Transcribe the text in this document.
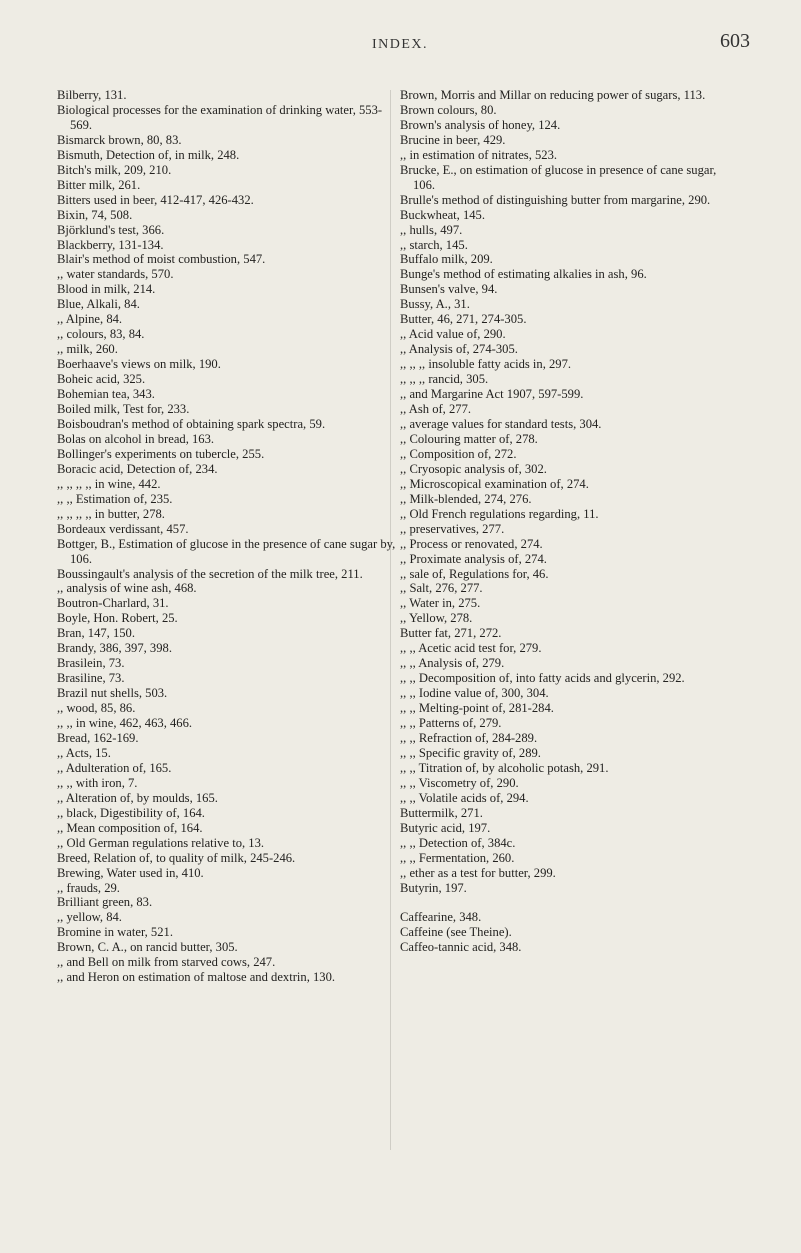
INDEX.	603
Bilberry, 131.
Biological processes for the examination of drinking water, 553-569.
Bismarck brown, 80, 83.
Bismuth, Detection of, in milk, 248.
Bitch's milk, 209, 210.
Bitter milk, 261.
Bitters used in beer, 412-417, 426-432.
Bixin, 74, 508.
Björklund's test, 366.
Blackberry, 131-134.
Blair's method of moist combustion, 547.
,, water standards, 570.
Blood in milk, 214.
Blue, Alkali, 84.
,, Alpine, 84.
,, colours, 83, 84.
,, milk, 260.
Boerhaave's views on milk, 190.
Boheic acid, 325.
Bohemian tea, 343.
Boiled milk, Test for, 233.
Boisboudran's method of obtaining spark spectra, 59.
Bolas on alcohol in bread, 163.
Bollinger's experiments on tubercle, 255.
Boracic acid, Detection of, 234.
,, ,, ,, ,, in wine, 442.
,, ,, Estimation of, 235.
,, ,, ,, ,, in butter, 278.
Bordeaux verdissant, 457.
Bottger, B., Estimation of glucose in the presence of cane sugar by, 106.
Boussingault's analysis of the secretion of the milk tree, 211.
,, analysis of wine ash, 468.
Boutron-Charlard, 31.
Boyle, Hon. Robert, 25.
Bran, 147, 150.
Brandy, 386, 397, 398.
Brasilein, 73.
Brasiline, 73.
Brazil nut shells, 503.
,, wood, 85, 86.
,, ,, in wine, 462, 463, 466.
Bread, 162-169.
,, Acts, 15.
,, Adulteration of, 165.
,, ,, with iron, 7.
,, Alteration of, by moulds, 165.
,, black, Digestibility of, 164.
,, Mean composition of, 164.
,, Old German regulations relative to, 13.
Breed, Relation of, to quality of milk, 245-246.
Brewing, Water used in, 410.
,, frauds, 29.
Brilliant green, 83.
,, yellow, 84.
Bromine in water, 521.
Brown, C. A., on rancid butter, 305.
,, and Bell on milk from starved cows, 247.
,, and Heron on estimation of maltose and dextrin, 130.
Brown, Morris and Millar on reducing power of sugars, 113.
Brown colours, 80.
Brown's analysis of honey, 124.
Brucine in beer, 429.
,, in estimation of nitrates, 523.
Brucke, E., on estimation of glucose in presence of cane sugar, 106.
Brulle's method of distinguishing butter from margarine, 290.
Buckwheat, 145.
,, hulls, 497.
,, starch, 145.
Buffalo milk, 209.
Bunge's method of estimating alkalies in ash, 96.
Bunsen's valve, 94.
Bussy, A., 31.
Butter, 46, 271, 274-305.
,, Acid value of, 290.
,, Analysis of, 274-305.
,, ,, ,, insoluble fatty acids in, 297.
,, ,, ,, rancid, 305.
,, and Margarine Act 1907, 597-599.
,, Ash of, 277.
,, average values for standard tests, 304.
,, Colouring matter of, 278.
,, Composition of, 272.
,, Cryosopic analysis of, 302.
,, Microscopical examination of, 274.
,, Milk-blended, 274, 276.
,, Old French regulations regarding, 11.
,, preservatives, 277.
,, Process or renovated, 274.
,, Proximate analysis of, 274.
,, sale of, Regulations for, 46.
,, Salt, 276, 277.
,, Water in, 275.
,, Yellow, 278.
Butter fat, 271, 272.
,, ,, Acetic acid test for, 279.
,, ,, Analysis of, 279.
,, ,, Decomposition of, into fatty acids and glycerin, 292.
,, ,, Iodine value of, 300, 304.
,, ,, Melting-point of, 281-284.
,, ,, Patterns of, 279.
,, ,, Refraction of, 284-289.
,, ,, Specific gravity of, 289.
,, ,, Titration of, by alcoholic potash, 291.
,, ,, Viscometry of, 290.
,, ,, Volatile acids of, 294.
Buttermilk, 271.
Butyric acid, 197.
,, ,, Detection of, 384c.
,, ,, Fermentation, 260.
,, ether as a test for butter, 299.
Butyrin, 197.
Caffearine, 348.
Caffeine (see Theine).
Caffeo-tannic acid, 348.
